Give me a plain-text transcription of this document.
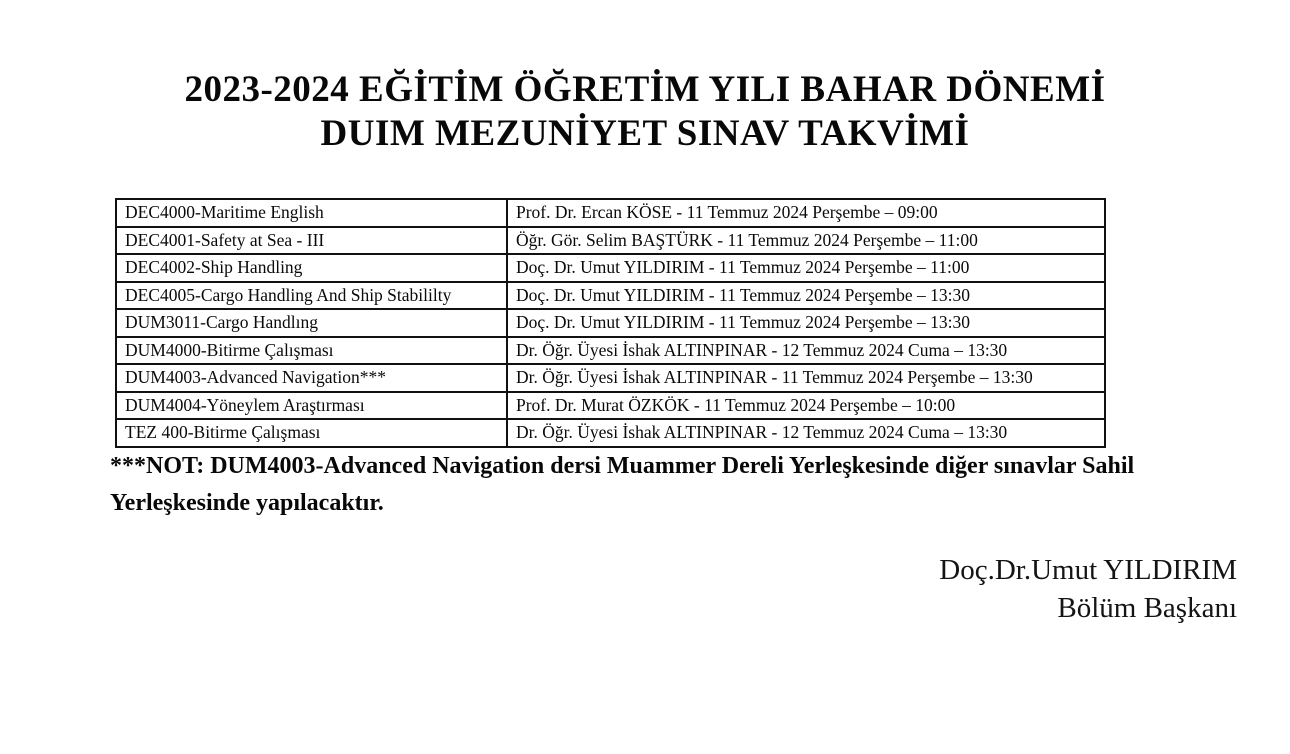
2023-2024 EĞİTİM ÖĞRETİM YILI BAHAR DÖNEMİ
DUIM MEZUNİYET SINAV TAKVİMİ
DEC4000-Maritime English	Prof. Dr. Ercan KÖSE - 11 Temmuz 2024 Perşembe – 09:00
DEC4001-Safety at Sea - III	Öğr. Gör. Selim BAŞTÜRK - 11 Temmuz 2024 Perşembe – 11:00
DEC4002-Ship Handling	Doç. Dr. Umut YILDIRIM - 11 Temmuz 2024 Perşembe – 11:00
DEC4005-Cargo Handling And Ship Stabililty	Doç. Dr. Umut YILDIRIM - 11 Temmuz 2024 Perşembe – 13:30
DUM3011-Cargo Handlıng	Doç. Dr. Umut YILDIRIM - 11 Temmuz 2024 Perşembe – 13:30
DUM4000-Bitirme Çalışması	Dr. Öğr. Üyesi İshak ALTINPINAR - 12 Temmuz 2024 Cuma – 13:30
DUM4003-Advanced Navigation***	Dr. Öğr. Üyesi İshak ALTINPINAR - 11 Temmuz 2024 Perşembe – 13:30
DUM4004-Yöneylem Araştırması	Prof. Dr. Murat ÖZKÖK - 11 Temmuz 2024 Perşembe – 10:00
TEZ 400-Bitirme Çalışması	Dr. Öğr. Üyesi İshak ALTINPINAR - 12 Temmuz 2024 Cuma – 13:30

***NOT: DUM4003-Advanced Navigation dersi Muammer Dereli Yerleşkesinde diğer sınavlar Sahil Yerleşkesinde yapılacaktır.

Doç.Dr.Umut YILDIRIM
Bölüm Başkanı
